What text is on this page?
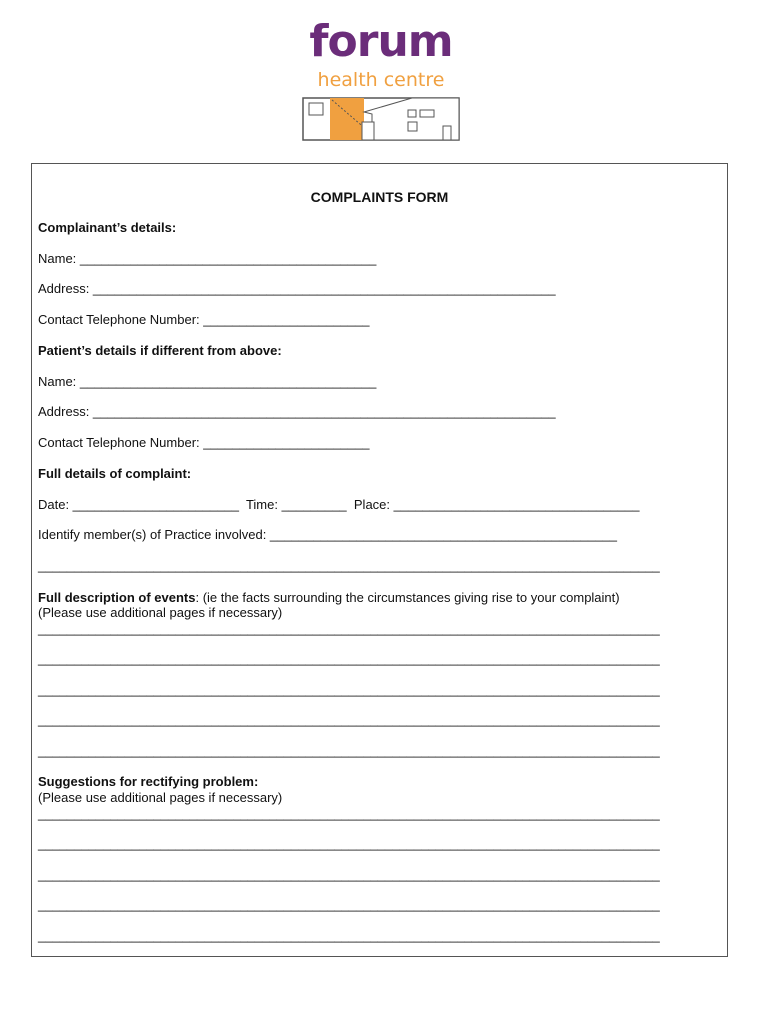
forum
health centre
COMPLAINTS FORM
Complainant’s details:
Name: _________________________________________
Address: ________________________________________________________________
Contact Telephone Number: _______________________
Patient’s details if different from above:
Name: _________________________________________
Address: ________________________________________________________________
Contact Telephone Number: _______________________
Full details of complaint:
Date: _______________________  Time: _________  Place: __________________________________
Identify member(s) of Practice involved: ________________________________________________
______________________________________________________________________________________
Full description of events: (ie the facts surrounding the circumstances giving rise to your complaint)
(Please use additional pages if necessary)
______________________________________________________________________________________
______________________________________________________________________________________
______________________________________________________________________________________
______________________________________________________________________________________
______________________________________________________________________________________
Suggestions for rectifying problem:
(Please use additional pages if necessary)
______________________________________________________________________________________
______________________________________________________________________________________
______________________________________________________________________________________
______________________________________________________________________________________
______________________________________________________________________________________
